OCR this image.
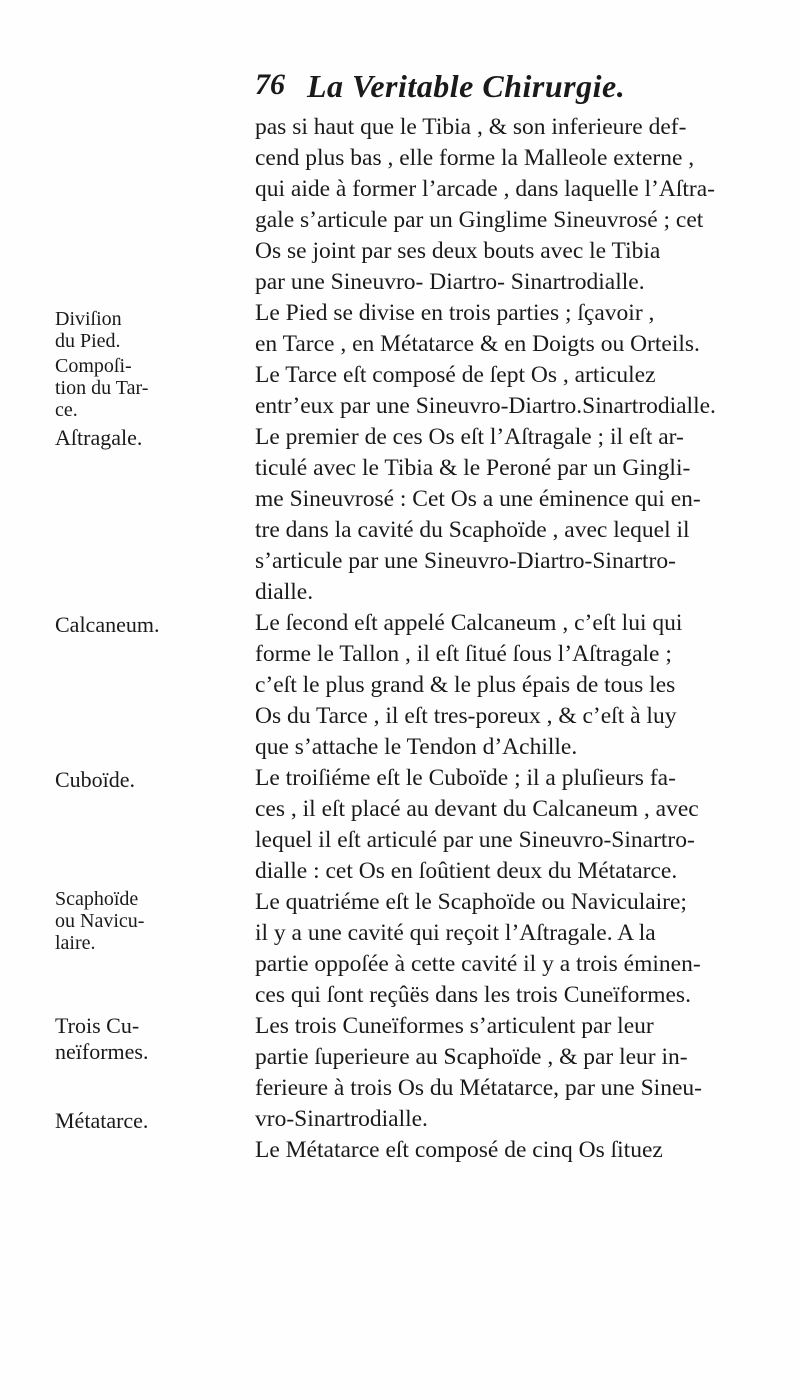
76 La Veritable Chirurgie.
pas si haut que le Tibia , & son inferieure def-
cend plus bas , elle forme la Malleole externe ,
qui aide à former l’arcade , dans laquelle l’Aſtra-
gale s’articule par un Ginglime Sineuvrosé ; cet
Os se joint par ses deux bouts avec le Tibia
par une Sineuvro- Diartro- Sinartrodialle.
Le Pied se divise en trois parties ; ſçavoir ,
en Tarce , en Métatarce & en Doigts ou Orteils.
Le Tarce eſt composé de ſept Os , articulez
entr’eux par une Sineuvro-Diartro.Sinartrodialle.
Le premier de ces Os eſt l’Aſtragale ; il eſt ar-
ticulé avec le Tibia & le Peroné par un Gingli-
me Sineuvrosé : Cet Os a une éminence qui en-
tre dans la cavité du Scaphoïde , avec lequel il
s’articule par une Sineuvro-Diartro-Sinartro-
dialle.
Le ſecond eſt appelé Calcaneum , c’eſt lui qui
forme le Tallon , il eſt ſitué ſous l’Aſtragale ;
c’eſt le plus grand & le plus épais de tous les
Os du Tarce , il eſt tres-poreux , & c’eſt à luy
que s’attache le Tendon d’Achille.
Le troiſiéme eſt le Cuboïde ; il a pluſieurs fa-
ces , il eſt placé au devant du Calcaneum , avec
lequel il eſt articulé par une Sineuvro-Sinartro-
dialle : cet Os en ſoûtient deux du Métatarce.
Le quatriéme eſt le Scaphoïde ou Naviculaire;
il y a une cavité qui reçoit l’Aſtragale. A la
partie oppoſée à cette cavité il y a trois éminen-
ces qui ſont reçûës dans les trois Cuneïformes.
Les trois Cuneïformes s’articulent par leur
partie ſuperieure au Scaphoïde , & par leur in-
ferieure à trois Os du Métatarce, par une Sineu-
vro-Sinartrodialle.
Le Métatarce eſt composé de cinq Os ſituez
Diviſion
du Pied.
Compoſi-
tion du Tar-
ce.
Aſtragale.
Calcaneum.
Cuboïde.
Scaphoïde
ou Navicu-
laire.
Trois Cu-
neïformes.
Métatarce.
